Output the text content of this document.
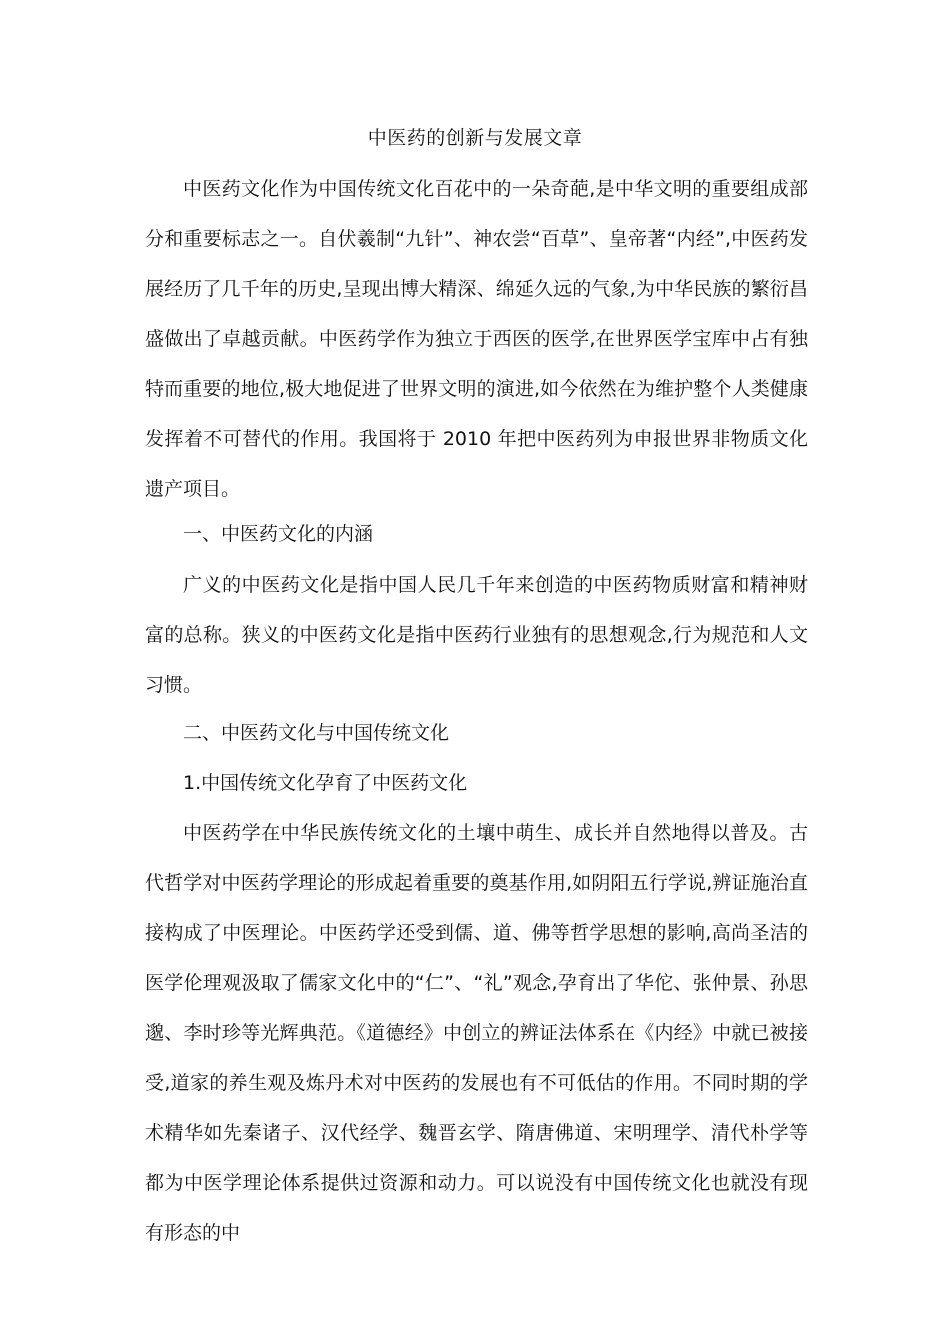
中医药的创新与发展文章

中医药文化作为中国传统文化百花中的一朵奇葩,是中华文明的重要组成部分和重要标志之一。自伏羲制“九针”、神农尝“百草”、皇帝著“内经”,中医药发展经历了几千年的历史,呈现出博大精深、绵延久远的气象,为中华民族的繁衍昌盛做出了卓越贡献。中医药学作为独立于西医的医学,在世界医学宝库中占有独特而重要的地位,极大地促进了世界文明的演进,如今依然在为维护整个人类健康发挥着不可替代的作用。我国将于 2010 年把中医药列为申报世界非物质文化遗产项目。

一、中医药文化的内涵

广义的中医药文化是指中国人民几千年来创造的中医药物质财富和精神财富的总称。狭义的中医药文化是指中医药行业独有的思想观念,行为规范和人文习惯。

二、中医药文化与中国传统文化

1.中国传统文化孕育了中医药文化

中医药学在中华民族传统文化的土壤中萌生、成长并自然地得以普及。古代哲学对中医药学理论的形成起着重要的奠基作用,如阴阳五行学说,辨证施治直接构成了中医理论。中医药学还受到儒、道、佛等哲学思想的影响,高尚圣洁的医学伦理观汲取了儒家文化中的“仁”、“礼”观念,孕育出了华佗、张仲景、孙思邈、李时珍等光辉典范。《道德经》中创立的辨证法体系在《内经》中就已被接受,道家的养生观及炼丹术对中医药的发展也有不可低估的作用。不同时期的学术精华如先秦诸子、汉代经学、魏晋玄学、隋唐佛道、宋明理学、清代朴学等都为中医学理论体系提供过资源和动力。可以说没有中国传统文化也就没有现有形态的中
